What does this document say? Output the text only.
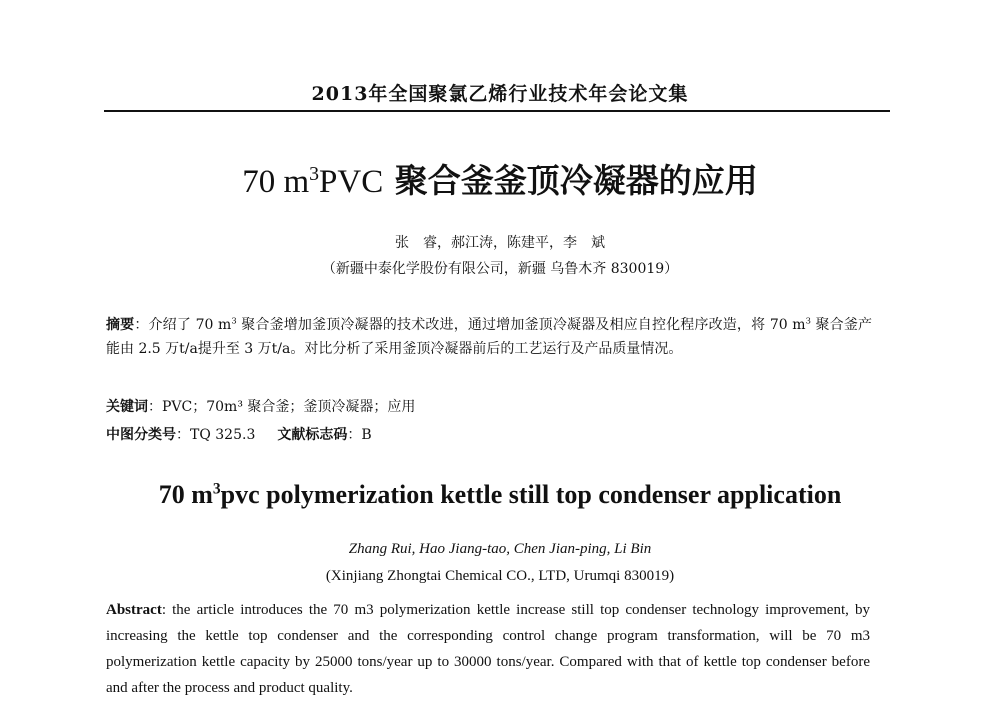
2013年全国聚氯乙烯行业技术年会论文集
70 $m^3PVC$ 聚合釜釜顶冷凝器的应用
张　睿，郝江涛，陈建平，李　斌
（新疆中泰化学股份有限公司，新疆 乌鲁木齐 830019）
摘要：介绍了 70 $m^3$ 聚合釜增加釜顶冷凝器的技术改进，通过增加釜顶冷凝器及相应自控化程序改造，将 70 $m^3$ 聚合釜产能由 2.5 万t/a提升至 3 万t/a。对比分析了采用釜顶冷凝器前后的工艺运行及产品质量情况。
关键词：PVC；70m³ 聚合釜；釜顶冷凝器；应用
中图分类号：TQ 325.3 文献标志码：B
70 $m^3pvc$ polymerization kettle still top condenser application
Zhang Rui, Hao Jiang-tao, Chen Jian-ping, Li Bin
(Xinjiang Zhongtai Chemical CO., LTD, Urumqi 830019)
Abstract: the article introduces the 70 m3 polymerization kettle increase still top condenser technology improvement, by increasing the kettle top condenser and the corresponding control change program transformation, will be 70 m3 polymerization kettle capacity by 25000 tons/year up to 30000 tons/year. Compared with that of kettle top condenser before and after the process and product quality.
